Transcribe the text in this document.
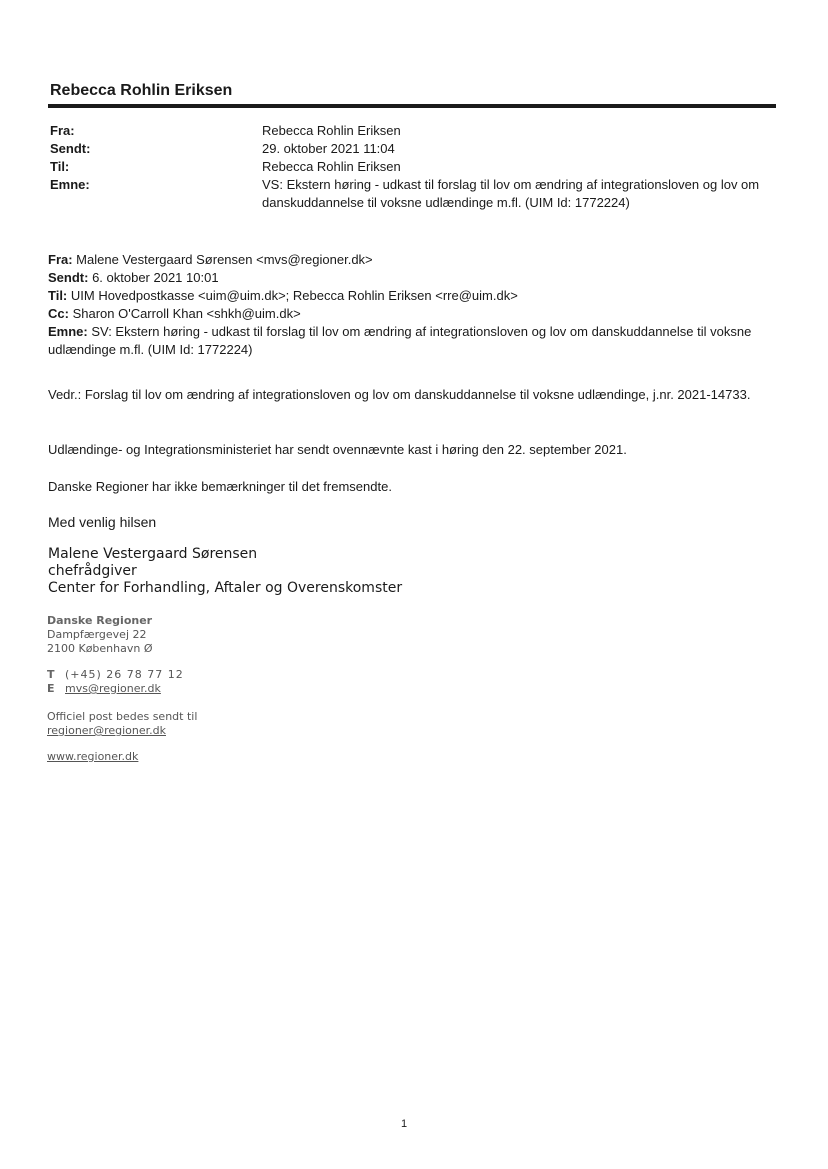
Rebecca Rohlin Eriksen
Fra:	Rebecca Rohlin Eriksen
Sendt:	29. oktober 2021 11:04
Til:	Rebecca Rohlin Eriksen
Emne:	VS: Ekstern høring - udkast til forslag til lov om ændring af integrationsloven og lov om danskuddannelse til voksne udlændinge m.fl. (UIM Id: 1772224)
Fra: Malene Vestergaard Sørensen <mvs@regioner.dk>
Sendt: 6. oktober 2021 10:01
Til: UIM Hovedpostkasse <uim@uim.dk>; Rebecca Rohlin Eriksen <rre@uim.dk>
Cc: Sharon O'Carroll Khan <shkh@uim.dk>
Emne: SV: Ekstern høring - udkast til forslag til lov om ændring af integrationsloven og lov om danskuddannelse til voksne udlændinge m.fl. (UIM Id: 1772224)
Vedr.: Forslag til lov om ændring af integrationsloven og lov om danskuddannelse til voksne udlændinge, j.nr. 2021-14733.
Udlændinge- og Integrationsministeriet har sendt ovennævnte kast i høring den 22. september 2021.
Danske Regioner har ikke bemærkninger til det fremsendte.
Med venlig hilsen
Malene Vestergaard Sørensen
chefrådgiver
Center for Forhandling, Aftaler og Overenskomster
Danske Regioner
Dampfærgevej 22
2100 København Ø
T (+45) 26 78 77 12
E mvs@regioner.dk
Officiel post bedes sendt til
regioner@regioner.dk
www.regioner.dk
1
